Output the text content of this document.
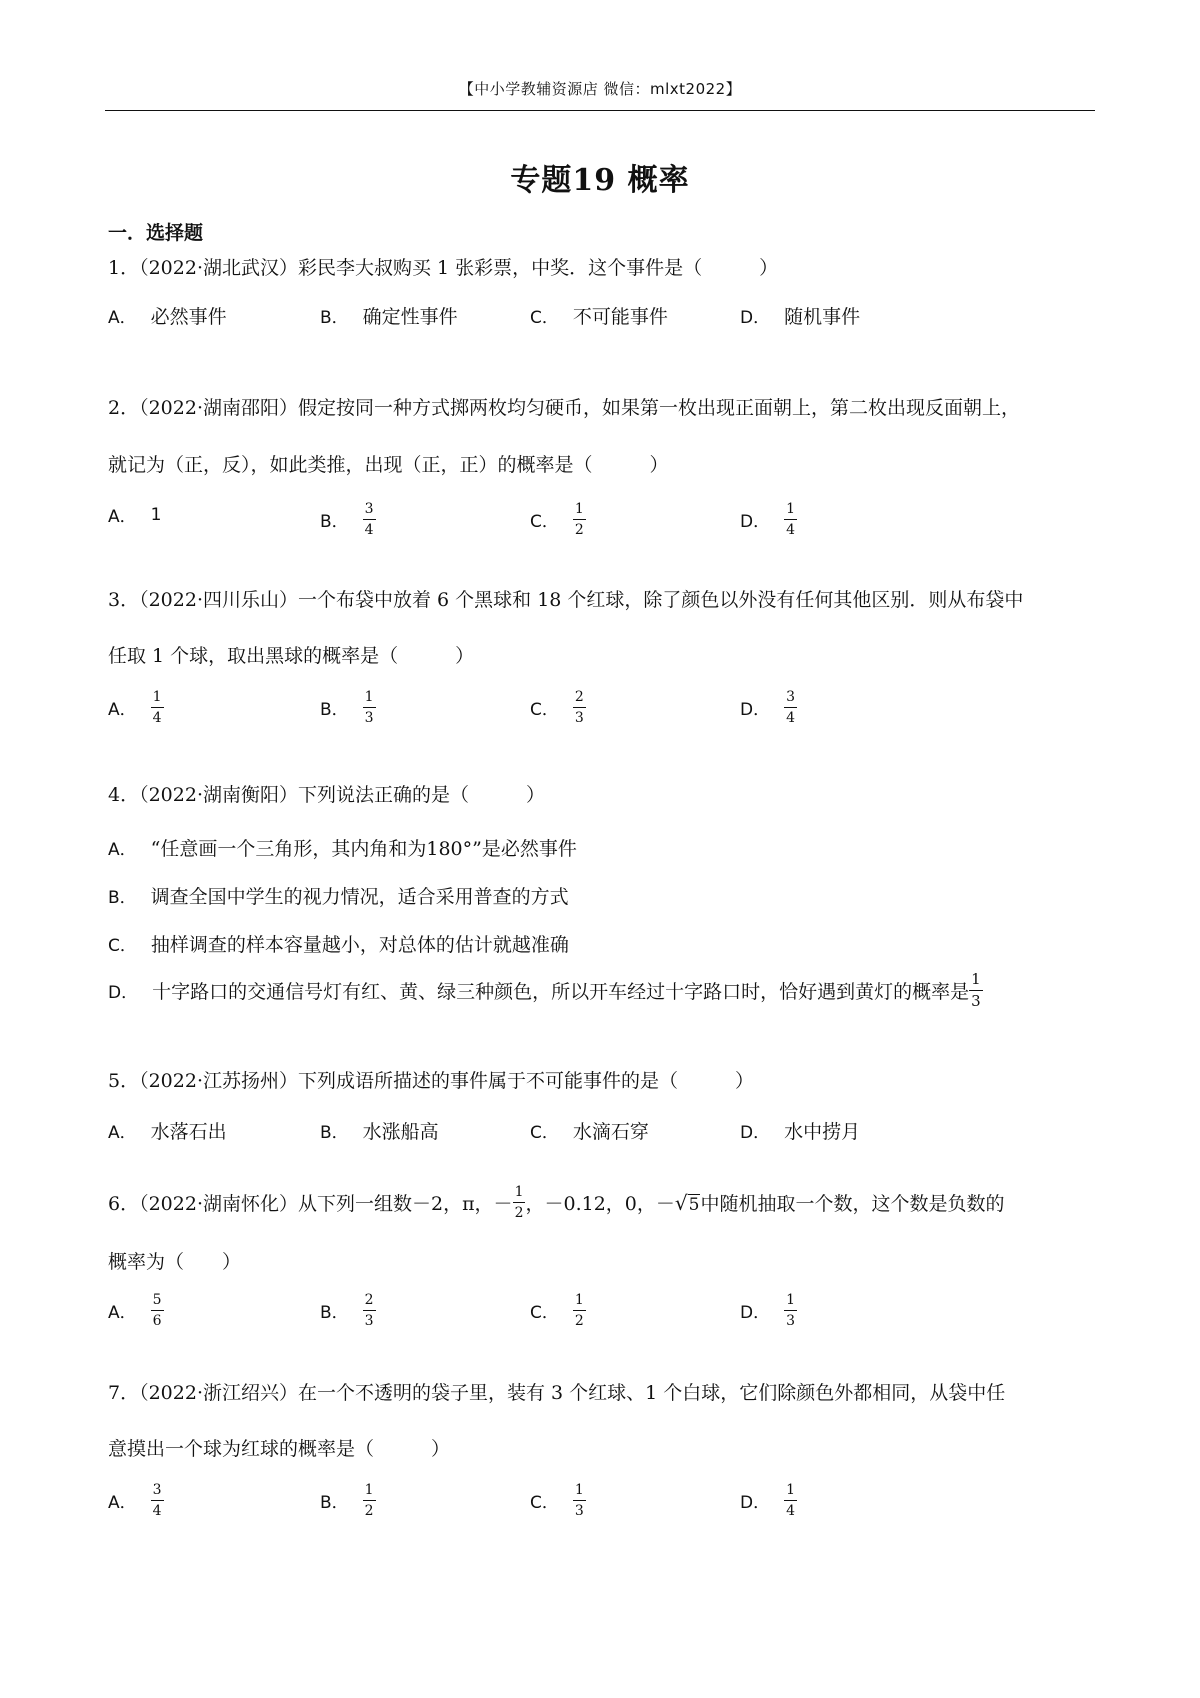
【中小学教辅资源店 微信：mlxt2022】
专题19 概率
一．选择题
1．（2022·湖北武汉）彩民李大叔购买 1 张彩票，中奖．这个事件是（　　　）
A． 必然事件	B． 确定性事件	C． 不可能事件	D． 随机事件
2．（2022·湖南邵阳）假定按同一种方式掷两枚均匀硬币，如果第一枚出现正面朝上，第二枚出现反面朝上，
就记为（正，反），如此类推，出现（正，正）的概率是（　　　）
A． 1	B． $\frac{3}{4}$	C． $\frac{1}{2}$	D． $\frac{1}{4}$
3．（2022·四川乐山）一个布袋中放着 6 个黑球和 18 个红球，除了颜色以外没有任何其他区别．则从布袋中
任取 1 个球，取出黑球的概率是（　　　）
A． $\frac{1}{4}$	B． $\frac{1}{3}$	C． $\frac{2}{3}$	D． $\frac{3}{4}$
4．（2022·湖南衡阳）下列说法正确的是（　　　）
A． “任意画一个三角形，其内角和为180°”是必然事件
B． 调查全国中学生的视力情况，适合采用普查的方式
C． 抽样调查的样本容量越小，对总体的估计就越准确
D． 十字路口的交通信号灯有红、黄、绿三种颜色，所以开车经过十字路口时，恰好遇到黄灯的概率是 $\frac{1}{3}$
5．（2022·江苏扬州）下列成语所描述的事件属于不可能事件的是（　　　）
A． 水落石出	B． 水涨船高	C． 水滴石穿	D． 水中捞月
6．（2022·湖南怀化）从下列一组数－2，π，－ $\frac{1}{2}$ ，－0.12，0，－ √ 5 中随机抽取一个数，这个数是负数的
概率为（　　）
A． $\frac{5}{6}$	B． $\frac{2}{3}$	C． $\frac{1}{2}$	D． $\frac{1}{3}$
7．（2022·浙江绍兴）在一个不透明的袋子里，装有 3 个红球、1 个白球，它们除颜色外都相同，从袋中任
意摸出一个球为红球的概率是（　　　）
A． $\frac{3}{4}$	B． $\frac{1}{2}$	C． $\frac{1}{3}$	D． $\frac{1}{4}$
